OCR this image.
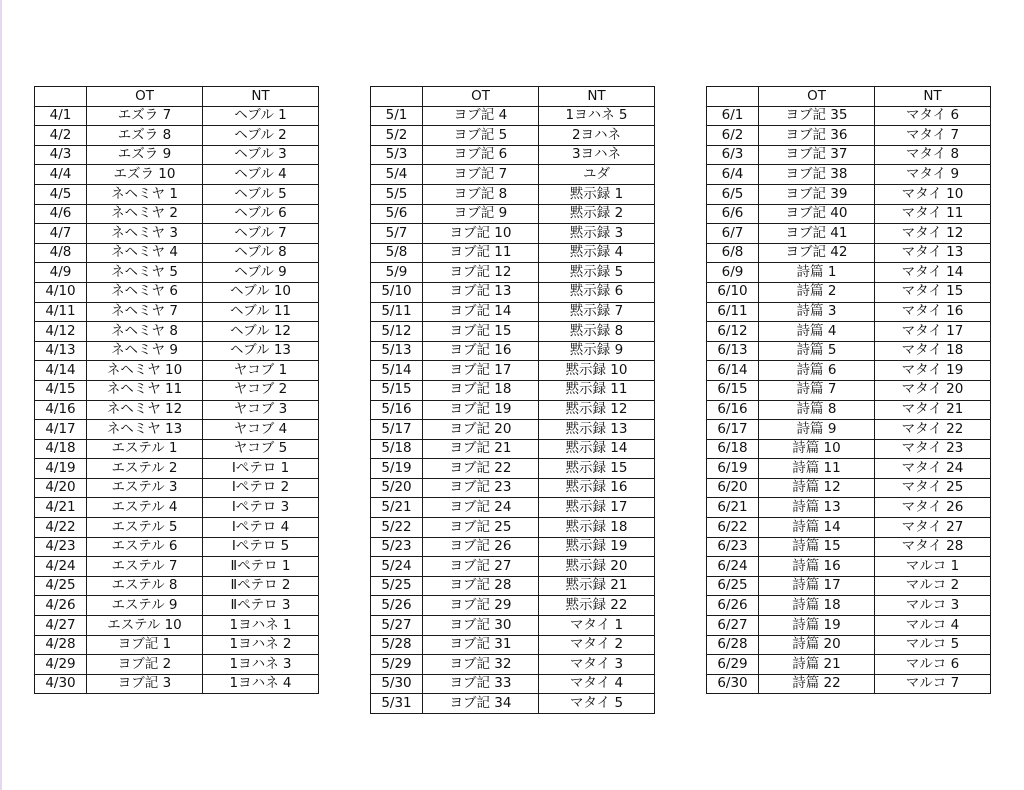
	OT	NT
4/1	エズラ 7	ヘブル 1
4/2	エズラ 8	ヘブル 2
4/3	エズラ 9	ヘブル 3
4/4	エズラ 10	ヘブル 4
4/5	ネヘミヤ 1	ヘブル 5
4/6	ネヘミヤ 2	ヘブル 6
4/7	ネヘミヤ 3	ヘブル 7
4/8	ネヘミヤ 4	ヘブル 8
4/9	ネヘミヤ 5	ヘブル 9
4/10	ネヘミヤ 6	ヘブル 10
4/11	ネヘミヤ 7	ヘブル 11
4/12	ネヘミヤ 8	ヘブル 12
4/13	ネヘミヤ 9	ヘブル 13
4/14	ネヘミヤ 10	ヤコブ 1
4/15	ネヘミヤ 11	ヤコブ 2
4/16	ネヘミヤ 12	ヤコブ 3
4/17	ネヘミヤ 13	ヤコブ 4
4/18	エステル 1	ヤコブ 5
4/19	エステル 2	Ⅰペテロ 1
4/20	エステル 3	Ⅰペテロ 2
4/21	エステル 4	Ⅰペテロ 3
4/22	エステル 5	Ⅰペテロ 4
4/23	エステル 6	Ⅰペテロ 5
4/24	エステル 7	Ⅱペテロ 1
4/25	エステル 8	Ⅱペテロ 2
4/26	エステル 9	Ⅱペテロ 3
4/27	エステル 10	1ヨハネ 1
4/28	ヨブ記 1	1ヨハネ 2
4/29	ヨブ記 2	1ヨハネ 3
4/30	ヨブ記 3	1ヨハネ 4
	OT	NT
5/1	ヨブ記 4	1ヨハネ 5
5/2	ヨブ記 5	2ヨハネ
5/3	ヨブ記 6	3ヨハネ
5/4	ヨブ記 7	ユダ
5/5	ヨブ記 8	黙示録 1
5/6	ヨブ記 9	黙示録 2
5/7	ヨブ記 10	黙示録 3
5/8	ヨブ記 11	黙示録 4
5/9	ヨブ記 12	黙示録 5
5/10	ヨブ記 13	黙示録 6
5/11	ヨブ記 14	黙示録 7
5/12	ヨブ記 15	黙示録 8
5/13	ヨブ記 16	黙示録 9
5/14	ヨブ記 17	黙示録 10
5/15	ヨブ記 18	黙示録 11
5/16	ヨブ記 19	黙示録 12
5/17	ヨブ記 20	黙示録 13
5/18	ヨブ記 21	黙示録 14
5/19	ヨブ記 22	黙示録 15
5/20	ヨブ記 23	黙示録 16
5/21	ヨブ記 24	黙示録 17
5/22	ヨブ記 25	黙示録 18
5/23	ヨブ記 26	黙示録 19
5/24	ヨブ記 27	黙示録 20
5/25	ヨブ記 28	黙示録 21
5/26	ヨブ記 29	黙示録 22
5/27	ヨブ記 30	マタイ 1
5/28	ヨブ記 31	マタイ 2
5/29	ヨブ記 32	マタイ 3
5/30	ヨブ記 33	マタイ 4
5/31	ヨブ記 34	マタイ 5
	OT	NT
6/1	ヨブ記 35	マタイ 6
6/2	ヨブ記 36	マタイ 7
6/3	ヨブ記 37	マタイ 8
6/4	ヨブ記 38	マタイ 9
6/5	ヨブ記 39	マタイ 10
6/6	ヨブ記 40	マタイ 11
6/7	ヨブ記 41	マタイ 12
6/8	ヨブ記 42	マタイ 13
6/9	詩篇 1	マタイ 14
6/10	詩篇 2	マタイ 15
6/11	詩篇 3	マタイ 16
6/12	詩篇 4	マタイ 17
6/13	詩篇 5	マタイ 18
6/14	詩篇 6	マタイ 19
6/15	詩篇 7	マタイ 20
6/16	詩篇 8	マタイ 21
6/17	詩篇 9	マタイ 22
6/18	詩篇 10	マタイ 23
6/19	詩篇 11	マタイ 24
6/20	詩篇 12	マタイ 25
6/21	詩篇 13	マタイ 26
6/22	詩篇 14	マタイ 27
6/23	詩篇 15	マタイ 28
6/24	詩篇 16	マルコ 1
6/25	詩篇 17	マルコ 2
6/26	詩篇 18	マルコ 3
6/27	詩篇 19	マルコ 4
6/28	詩篇 20	マルコ 5
6/29	詩篇 21	マルコ 6
6/30	詩篇 22	マルコ 7
